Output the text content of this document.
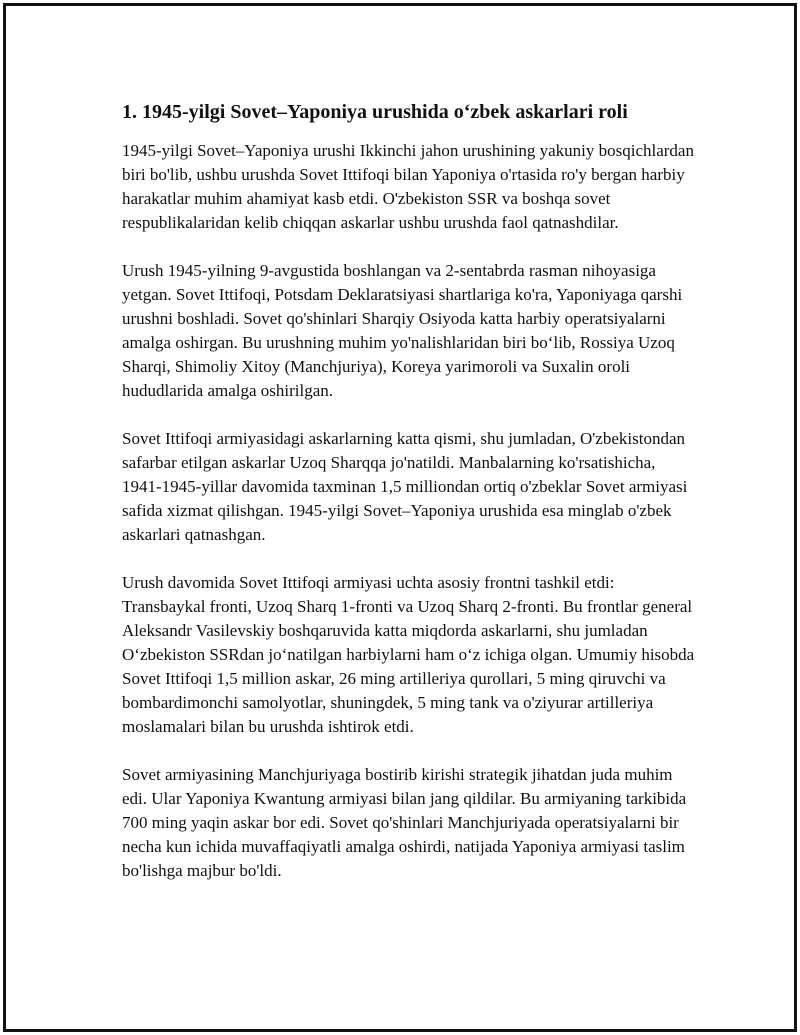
1. 1945-yilgi Sovet–Yaponiya urushida o‘zbek askarlari roli

1945-yilgi Sovet–Yaponiya urushi Ikkinchi jahon urushining yakuniy bosqichlardan biri bo'lib, ushbu urushda Sovet Ittifoqi bilan Yaponiya o'rtasida ro'y bergan harbiy harakatlar muhim ahamiyat kasb etdi. O'zbekiston SSR va boshqa sovet respublikalaridan kelib chiqqan askarlar ushbu urushda faol qatnashdilar.

Urush 1945-yilning 9-avgustida boshlangan va 2-sentabrda rasman nihoyasiga yetgan. Sovet Ittifoqi, Potsdam Deklaratsiyasi shartlariga ko'ra, Yaponiyaga qarshi urushni boshladi. Sovet qo'shinlari Sharqiy Osiyoda katta harbiy operatsiyalarni amalga oshirgan. Bu urushning muhim yo'nalishlaridan biri bo‘lib, Rossiya Uzoq Sharqi, Shimoliy Xitoy (Manchjuriya), Koreya yarimoroli va Suxalin oroli hududlarida amalga oshirilgan.

Sovet Ittifoqi armiyasidagi askarlarning katta qismi, shu jumladan, O'zbekistondan safarbar etilgan askarlar Uzoq Sharqqa jo'natildi. Manbalarning ko'rsatishicha, 1941-1945-yillar davomida taxminan 1,5 milliondan ortiq o'zbeklar Sovet armiyasi safida xizmat qilishgan. 1945-yilgi Sovet–Yaponiya urushida esa minglab o'zbek askarlari qatnashgan.

Urush davomida Sovet Ittifoqi armiyasi uchta asosiy frontni tashkil etdi: Transbaykal fronti, Uzoq Sharq 1-fronti va Uzoq Sharq 2-fronti. Bu frontlar general Aleksandr Vasilevskiy boshqaruvida katta miqdorda askarlarni, shu jumladan O‘zbekiston SSRdan jo‘natilgan harbiylarni ham o‘z ichiga olgan. Umumiy hisobda Sovet Ittifoqi 1,5 million askar, 26 ming artilleriya qurollari, 5 ming qiruvchi va bombardimonchi samolyotlar, shuningdek, 5 ming tank va o'ziyurar artilleriya moslamalari bilan bu urushda ishtirok etdi.

Sovet armiyasining Manchjuriyaga bostirib kirishi strategik jihatdan juda muhim edi. Ular Yaponiya Kwantung armiyasi bilan jang qildilar. Bu armiyaning tarkibida 700 ming yaqin askar bor edi. Sovet qo'shinlari Manchjuriyada operatsiyalarni bir necha kun ichida muvaffaqiyatli amalga oshirdi, natijada Yaponiya armiyasi taslim bo'lishga majbur bo'ldi.
